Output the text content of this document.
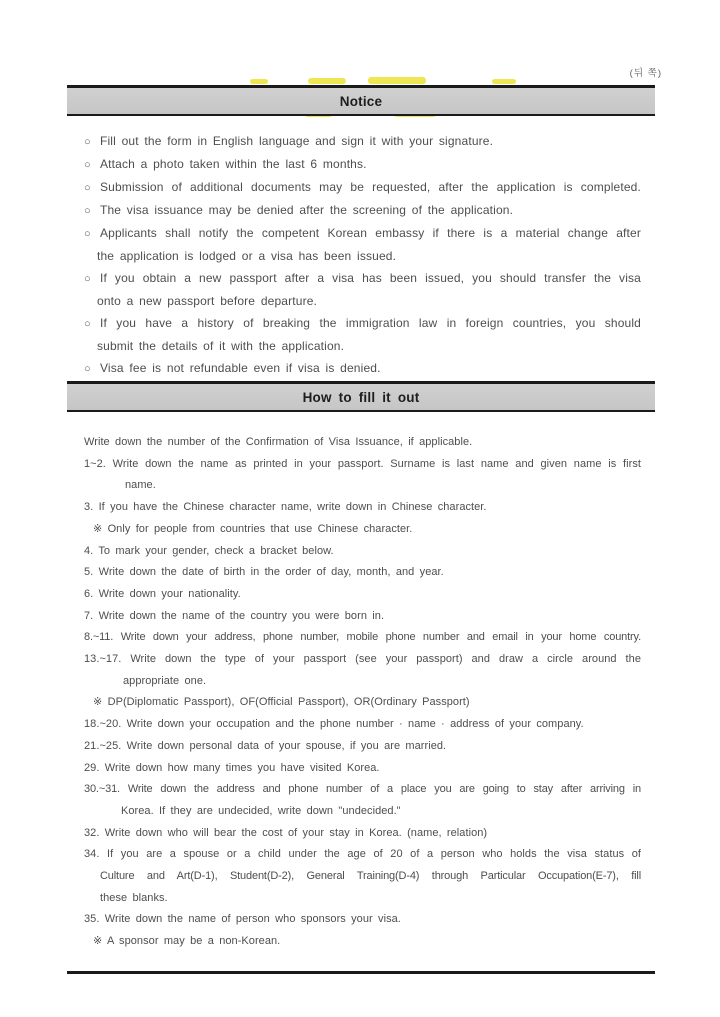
(뒤 쪽)
Notice
○ Fill out the form in English language and sign it with your signature.
○ Attach a photo taken within the last 6 months.
○ Submission of additional documents may be requested, after the application is completed.
○ The visa issuance may be denied after the screening of the application.
○ Applicants shall notify the competent Korean embassy if there is a material change after
the application is lodged or a visa has been issued.
○ If you obtain a new passport after a visa has been issued, you should transfer the visa
onto a new passport before departure.
○ If you have a history of breaking the immigration law in foreign countries, you should
submit the details of it with the application.
○ Visa fee is not refundable even if visa is denied.
How to fill it out
Write down the number of the Confirmation of Visa Issuance, if applicable.
1~2. Write down the name as printed in your passport. Surname is last name and given name is first
name.
3. If you have the Chinese character name, write down in Chinese character.
※ Only for people from countries that use Chinese character.
4. To mark your gender, check a bracket below.
5. Write down the date of birth in the order of day, month, and year.
6. Write down your nationality.
7. Write down the name of the country you were born in.
8.~11. Write down your address, phone number, mobile phone number and email in your home country.
13.~17. Write down the type of your passport (see your passport) and draw a circle around the
appropriate one.
※ DP(Diplomatic Passport), OF(Official Passport), OR(Ordinary Passport)
18.~20. Write down your occupation and the phone number · name · address of your company.
21.~25. Write down personal data of your spouse, if you are married.
29. Write down how many times you have visited Korea.
30.~31. Write down the address and phone number of a place you are going to stay after arriving in
Korea. If they are undecided, write down "undecided."
32. Write down who will bear the cost of your stay in Korea. (name, relation)
34. If you are a spouse or a child under the age of 20 of a person who holds the visa status of
Culture and Art(D-1), Student(D-2), General Training(D-4) through Particular Occupation(E-7), fill
these blanks.
35. Write down the name of person who sponsors your visa.
※ A sponsor may be a non-Korean.
